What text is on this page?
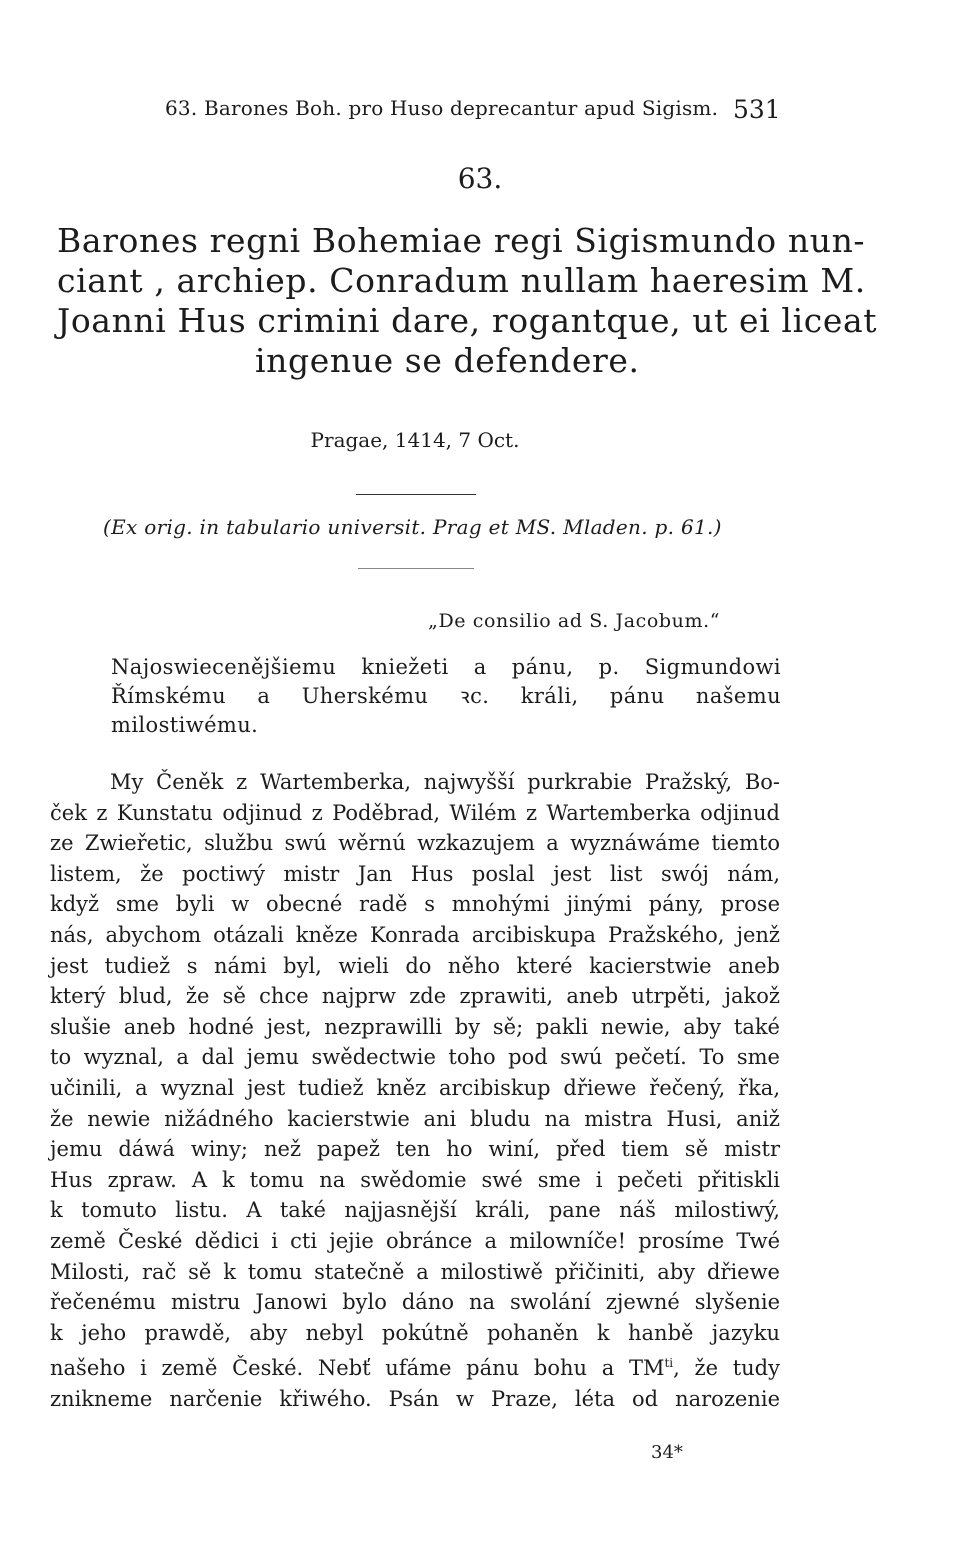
63. Barones Boh. pro Huso deprecantur apud Sigism. 531
63.
Barones regni Bohemiae regi Sigismundo nun-
ciant , archiep. Conradum nullam haeresim M.
Joanni Hus crimini dare, rogantque, ut ei liceat
ingenue se defendere.
Pragae, 1414, 7 Oct.
(Ex orig. in tabulario universit. Prag et MS. Mladen. p. 61.)
„De consilio ad S. Jacobum.“
Najoswiecenějšiemu kniežeti a pánu, p. Sigmundowi
Římskému a Uherskému ꝛc. králi, pánu našemu
milostiwému.
My Čeněk z Wartemberka, najwyšší purkrabie Pražský, Bo-
ček z Kunstatu odjinud z Poděbrad, Wilém z Wartemberka odjinud
ze Zwieřetic, službu swú wěrnú wzkazujem a wyznáwáme tiemto
listem, že poctiwý mistr Jan Hus poslal jest list swój nám,
když sme byli w obecné radě s mnohými jinými pány, prose
nás, abychom otázali kněze Konrada arcibiskupa Pražského, jenž
jest tudiež s námi byl, wieli do něho které kacierstwie aneb
který blud, že sě chce najprw zde zprawiti, aneb utrpěti, jakož
slušie aneb hodné jest, nezprawilli by sě; pakli newie, aby také
to wyznal, a dal jemu swědectwie toho pod swú pečetí. To sme
učinili, a wyznal jest tudiež kněz arcibiskup dřiewe řečený, řka,
že newie nižádného kacierstwie ani bludu na mistra Husi, aniž
jemu dáwá winy; než papež ten ho winí, před tiem sě mistr
Hus zpraw. A k tomu na swědomie swé sme i pečeti přitiskli
k tomuto listu. A také najjasnější králi, pane náš milostiwý,
země České dědici i cti jejie obránce a milowníče! prosíme Twé
Milosti, rač sě k tomu statečně a milostiwě přičiniti, aby dřiewe
řečenému mistru Janowi bylo dáno na swolání zjewné slyšenie
k jeho prawdě, aby nebyl pokútně pohaněn k hanbě jazyku
našeho i země České. Nebť ufáme pánu bohu a $TM^{ti}$, že tudy
znikneme narčenie křiwého. Psán w Praze, léta od narozenie
34*
